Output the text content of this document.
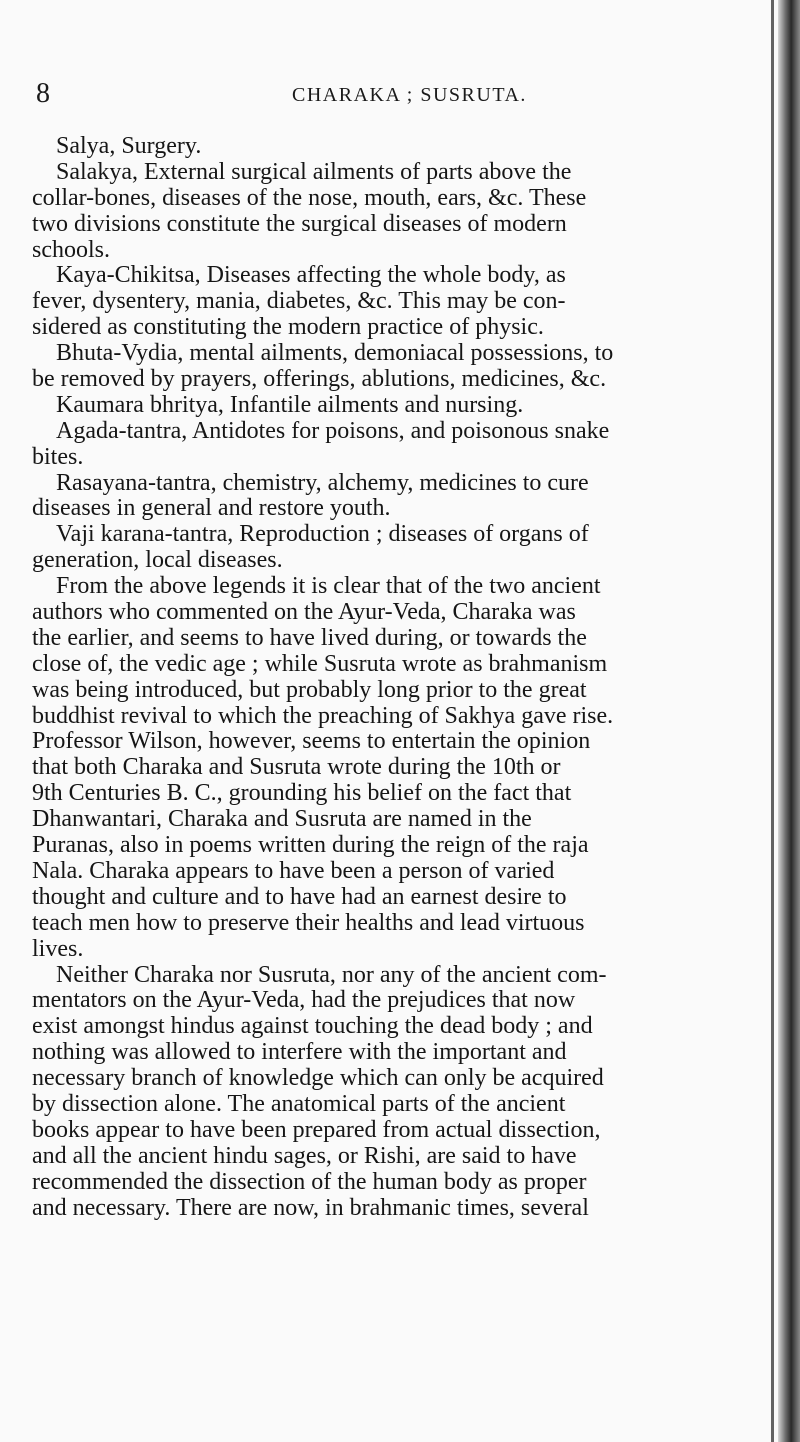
8	CHARAKA ; SUSRUTA.
Salya, Surgery.
Salakya, External surgical ailments of parts above the
collar-bones, diseases of the nose, mouth, ears, &c. These
two divisions constitute the surgical diseases of modern
schools.
Kaya-Chikitsa, Diseases affecting the whole body, as
fever, dysentery, mania, diabetes, &c. This may be con-
sidered as constituting the modern practice of physic.
Bhuta-Vydia, mental ailments, demoniacal possessions, to
be removed by prayers, offerings, ablutions, medicines, &c.
Kaumara bhritya, Infantile ailments and nursing.
Agada-tantra, Antidotes for poisons, and poisonous snake
bites.
Rasayana-tantra, chemistry, alchemy, medicines to cure
diseases in general and restore youth.
Vaji karana-tantra, Reproduction ; diseases of organs of
generation, local diseases.
From the above legends it is clear that of the two ancient
authors who commented on the Ayur-Veda, Charaka was
the earlier, and seems to have lived during, or towards the
close of, the vedic age ; while Susruta wrote as brahmanism
was being introduced, but probably long prior to the great
buddhist revival to which the preaching of Sakhya gave rise.
Professor Wilson, however, seems to entertain the opinion
that both Charaka and Susruta wrote during the 10th or
9th Centuries B. C., grounding his belief on the fact that
Dhanwantari, Charaka and Susruta are named in the
Puranas, also in poems written during the reign of the raja
Nala. Charaka appears to have been a person of varied
thought and culture and to have had an earnest desire to
teach men how to preserve their healths and lead virtuous
lives.
Neither Charaka nor Susruta, nor any of the ancient com-
mentators on the Ayur-Veda, had the prejudices that now
exist amongst hindus against touching the dead body ; and
nothing was allowed to interfere with the important and
necessary branch of knowledge which can only be acquired
by dissection alone. The anatomical parts of the ancient
books appear to have been prepared from actual dissection,
and all the ancient hindu sages, or Rishi, are said to have
recommended the dissection of the human body as proper
and necessary. There are now, in brahmanic times, several
